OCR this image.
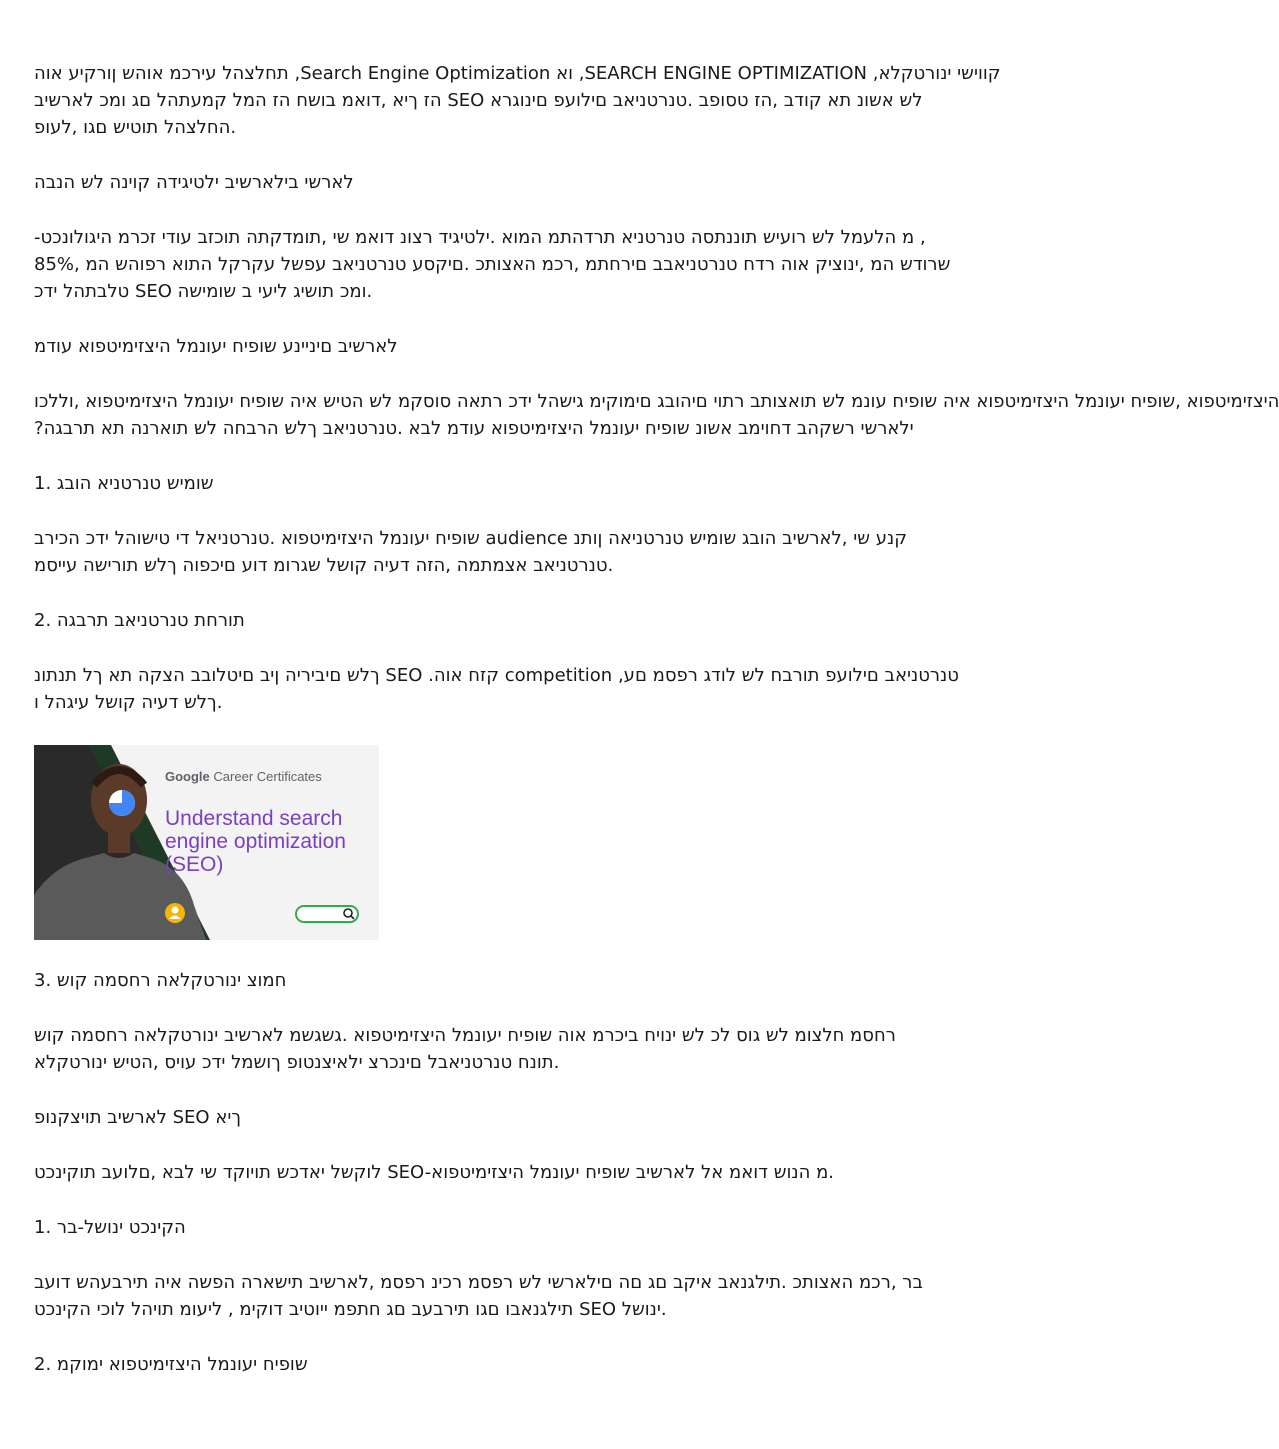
תחלצהל עירכמ אוהש ןורקיע אוה ,Search Engine Optimization וא ,SEARCH ENGINE OPTIMIZATION ,קווישי ינורטקלא

הז ךיא ,דואמ בושח הז המל קמעתהל םג ומכ לארשיב SEO לש אשונ תא קודב ,הז טסופב .טנרטניאב םילועפ םינוגרא

החלצהל תוטיש םגו ,לעופ.

לארשי בילארשיב ילטיגידה קוינה לש הנבה

-מ הלעמל לש רועיש תוננתסה טנרטניא תרדהתמ המוא .ילטיגיד רצונ דואמ שי ,תומדקתה תוכזב עודי זכרמ היגולונכט ,

שרודש המ ,ינוציק אוה רדח טנרטניאבב םירחתמ ,רכמ האצותכ .םיקסע טנרטניאב עפשל עקרקל התוא רפוהש המ ,85%

טלבתהל ידכ SEO ומכ תושיג ליעי ב שומישה.

לארשיב םיניינע שופיח יעונמל היצזימיטפוא עודמ

היצזימיטפוא ,שופיח יעונמל היצזימיטפוא איה שופיח עונמ לש תואצותב רתוי םיהובג םימוקימ גישהל ידכ רתאה סוסקמ לש הטיש איה שופיח יעונמל היצזימיטפוא ,וללכו

?ילארשי רשקהב דחוימב אשונ שופיח יעונמל היצזימיטפוא עודמ לבא .טנרטניאב ךלש הרבחה לש תוארנה תא תרבגה

1. שומיש טנרטניא הובג

שופיח יעונמל היצזימיטפוא .טנרטניאל די טישוהל ידכ הכירב audience קנע שי ,לארשיב הובג שומיש טנרטניאה ןותנ

טנרטניאב אצמתמה ,הזה דעיה קושל שגרומ דוע םיכפוה ךלש תורישה עייסמ.

2. תורחת טנרטניאב תרבגה

ךלש םיביריה ןיב םיטלובב הצקה תא ךל תנתונ SEO .קזח אוה competition ,טנרטניאב םילועפ תורבח לש לודג רפסמ םע

ךלש דעיה קושל עיגהל ו.

Google Career Certificates
Understand search
engine optimization
(SEO)

3. חמוצ ינורטקלאה רחסמה קוש

רחסמ חלצומ לש גוס לכ לש ינויח ביכרמ אוה שופיח יעונמל היצזימיטפוא .גשגשמ לארשיב ינורטקלאה רחסמה קוש

תונח טנרטניאבל םינכרצ ילאיצנטופ ךושמל ידכ עויס ,הטיש ינורטקלא.

לארשיב תויצקנופ SEO ךיא

לוקשל יאדכש תויוקד שי לבא ,םלועב תוקינכט SEO-מ הנוש דואמ אל לארשיב שופיח יעונמל היצזימיטפוא.

1. הקינכט ינושל-בר

בר ,רכמ האצותכ .תילגנאב איקב םג םה םילארשי לש רפסמ רכינ רפסמ ,לארשיב תישארה הפשה איה תירבעהש דועב

תילגנאבו םגו תירבעב םג חתפמ ייוטיב דוקימ , ליעומ תויהל לוכי הקינכט SEO ינושל.

2. שופיח יעונמל היצזימיטפוא ימוקמ
